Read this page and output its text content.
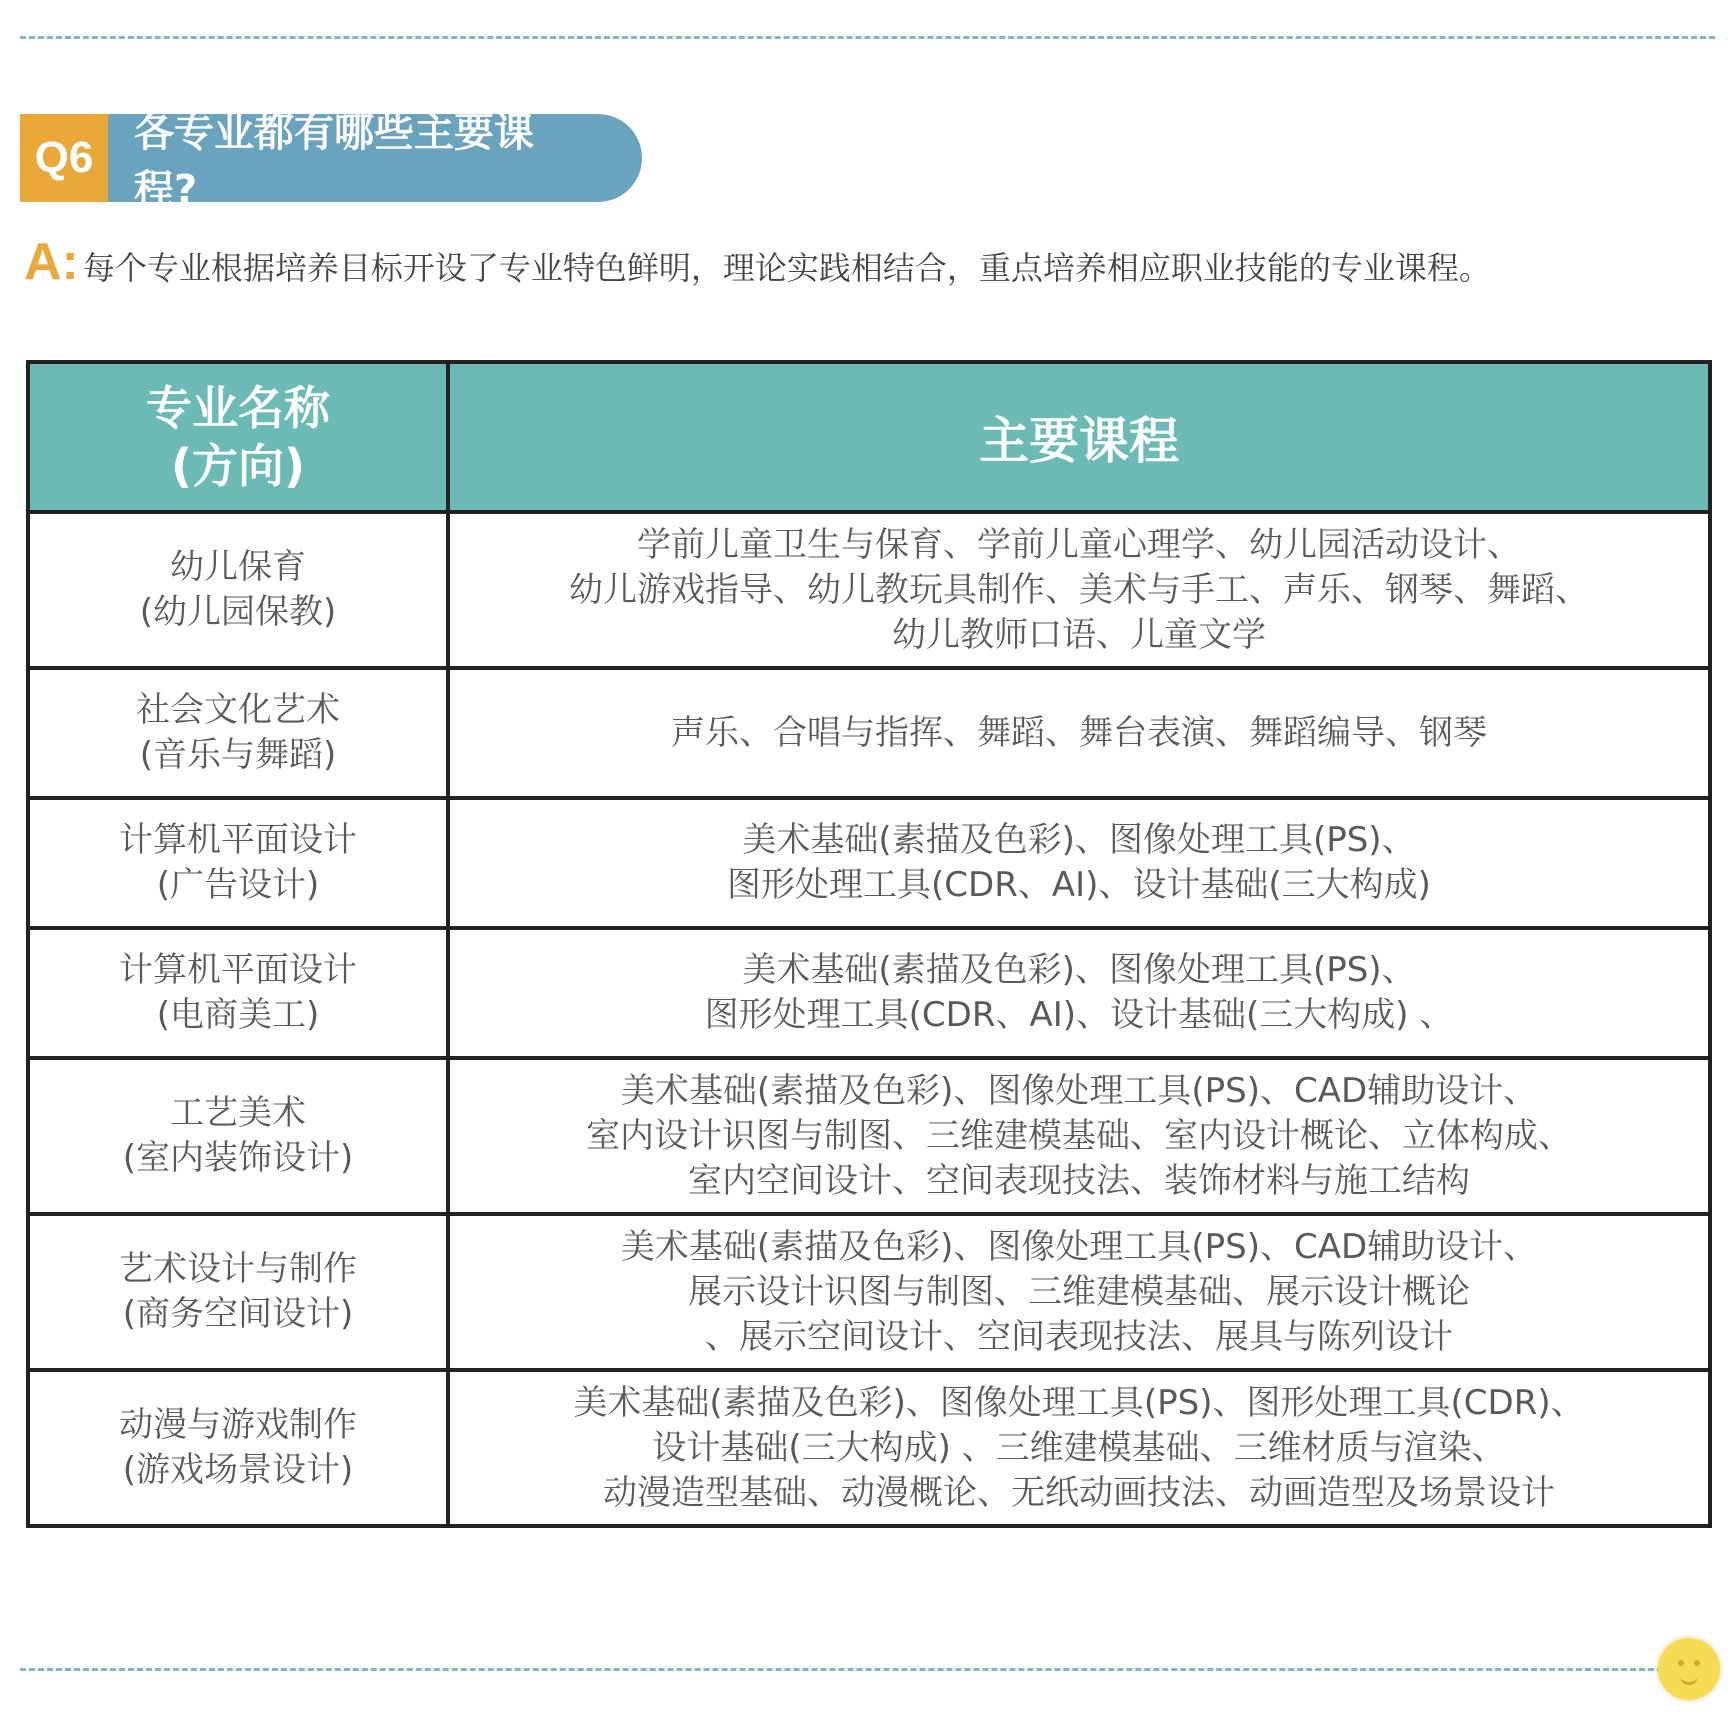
Q6	各专业都有哪些主要课程?
A: 每个专业根据培养目标开设了专业特色鲜明，理论实践相结合，重点培养相应职业技能的专业课程。
专业名称
(方向)	主要课程

幼儿保育
(幼儿园保教)	学前儿童卫生与保育、学前儿童心理学、幼儿园活动设计、
幼儿游戏指导、幼儿教玩具制作、美术与手工、声乐、钢琴、舞蹈、
幼儿教师口语、儿童文学

社会文化艺术
(音乐与舞蹈)	声乐、合唱与指挥、舞蹈、舞台表演、舞蹈编导、钢琴

计算机平面设计
(广告设计)	美术基础(素描及色彩)、图像处理工具(PS)、
图形处理工具(CDR、AI)、设计基础(三大构成)

计算机平面设计
(电商美工)	美术基础(素描及色彩)、图像处理工具(PS)、
图形处理工具(CDR、AI)、设计基础(三大构成) 、

工艺美术
(室内装饰设计)	美术基础(素描及色彩)、图像处理工具(PS)、CAD辅助设计、
室内设计识图与制图、三维建模基础、室内设计概论、立体构成、
室内空间设计、空间表现技法、装饰材料与施工结构

艺术设计与制作
(商务空间设计)	美术基础(素描及色彩)、图像处理工具(PS)、CAD辅助设计、
展示设计识图与制图、三维建模基础、展示设计概论
、展示空间设计、空间表现技法、展具与陈列设计

动漫与游戏制作
(游戏场景设计)	美术基础(素描及色彩)、图像处理工具(PS)、图形处理工具(CDR)、
设计基础(三大构成) 、三维建模基础、三维材质与渲染、
动漫造型基础、动漫概论、无纸动画技法、动画造型及场景设计
